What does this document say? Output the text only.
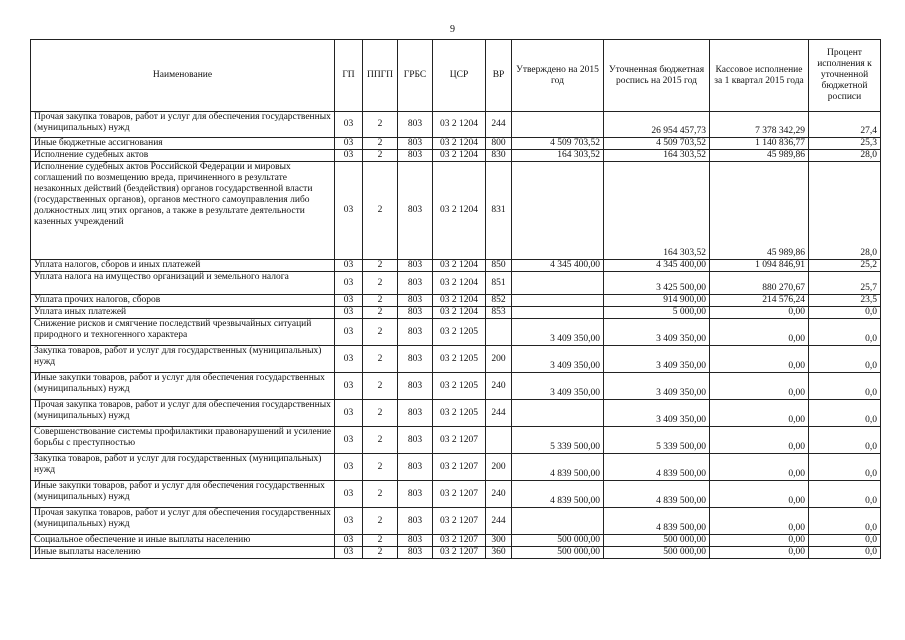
9
Наименование	ГП	ППГП	ГРБС	ЦСР	ВР	Утверждено на 2015 год	Уточненная бюджетная роспись на 2015 год	Кассовое исполнение за 1 квартал 2015 года	Процент исполнения к уточненной бюджетной росписи
Прочая закупка товаров, работ и услуг для обеспечения государственных (муниципальных) нужд	03	2	803	03 2 1204	244		26 954 457,73	7 378 342,29	27,4
Иные бюджетные ассигнования	03	2	803	03 2 1204	800	4 509 703,52	4 509 703,52	1 140 836,77	25,3
Исполнение судебных актов	03	2	803	03 2 1204	830	164 303,52	164 303,52	45 989,86	28,0
Исполнение судебных актов Российской Федерации и мировых соглашений по возмещению вреда, причиненного в результате незаконных действий (бездействия) органов государственной власти (государственных органов), органов местного самоуправления либо должностных лиц этих органов, а также в результате деятельности казенных учреждений	03	2	803	03 2 1204	831		164 303,52	45 989,86	28,0
Уплата налогов, сборов и иных платежей	03	2	803	03 2 1204	850	4 345 400,00	4 345 400,00	1 094 846,91	25,2
Уплата налога на имущество организаций и земельного налога	03	2	803	03 2 1204	851		3 425 500,00	880 270,67	25,7
Уплата прочих налогов, сборов	03	2	803	03 2 1204	852		914 900,00	214 576,24	23,5
Уплата иных платежей	03	2	803	03 2 1204	853		5 000,00	0,00	0,0
Снижение рисков и смягчение последствий чрезвычайных ситуаций природного и техногенного характера	03	2	803	03 2 1205		3 409 350,00	3 409 350,00	0,00	0,0
Закупка товаров, работ и услуг для государственных (муниципальных) нужд	03	2	803	03 2 1205	200	3 409 350,00	3 409 350,00	0,00	0,0
Иные закупки товаров, работ и услуг для обеспечения государственных (муниципальных) нужд	03	2	803	03 2 1205	240	3 409 350,00	3 409 350,00	0,00	0,0
Прочая закупка товаров, работ и услуг для обеспечения государственных (муниципальных) нужд	03	2	803	03 2 1205	244		3 409 350,00	0,00	0,0
Совершенствование системы профилактики правонарушений и усиление борьбы с преступностью	03	2	803	03 2 1207		5 339 500,00	5 339 500,00	0,00	0,0
Закупка товаров, работ и услуг для государственных (муниципальных) нужд	03	2	803	03 2 1207	200	4 839 500,00	4 839 500,00	0,00	0,0
Иные закупки товаров, работ и услуг для обеспечения государственных (муниципальных) нужд	03	2	803	03 2 1207	240	4 839 500,00	4 839 500,00	0,00	0,0
Прочая закупка товаров, работ и услуг для обеспечения государственных (муниципальных) нужд	03	2	803	03 2 1207	244		4 839 500,00	0,00	0,0
Социальное обеспечение и иные выплаты населению	03	2	803	03 2 1207	300	500 000,00	500 000,00	0,00	0,0
Иные выплаты населению	03	2	803	03 2 1207	360	500 000,00	500 000,00	0,00	0,0
